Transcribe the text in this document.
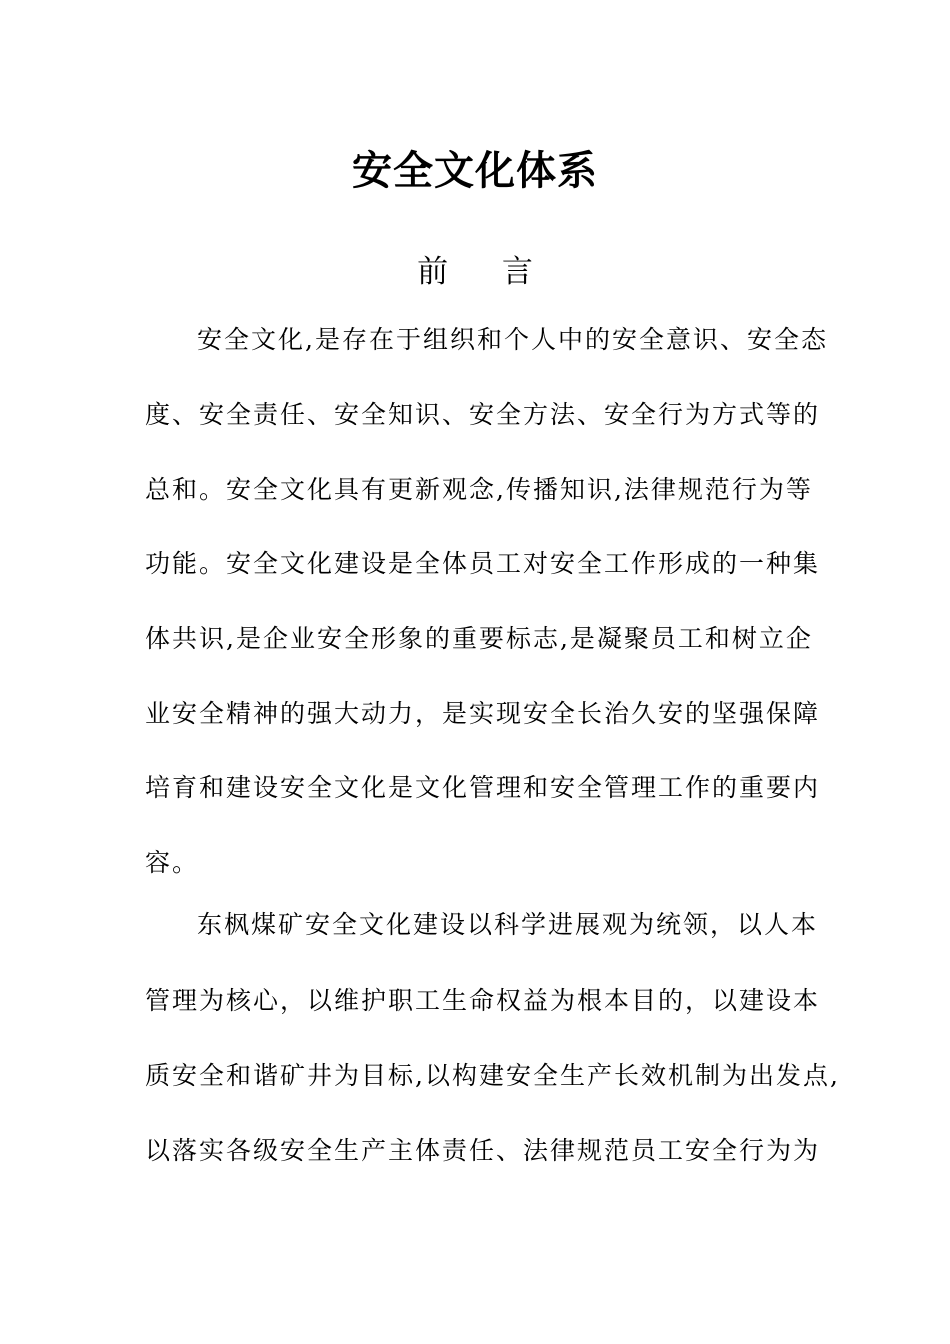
安全文化体系
前 言
安全文化,是存在于组织和个人中的安全意识、安全态
度、安全责任、安全知识、安全方法、安全行为方式等的
总和。安全文化具有更新观念,传播知识,法律规范行为等
功能。安全文化建设是全体员工对安全工作形成的一种集
体共识,是企业安全形象的重要标志,是凝聚员工和树立企
业安全精神的强大动力，是实现安全长治久安的坚强保障
培育和建设安全文化是文化管理和安全管理工作的重要内
容。
东枫煤矿安全文化建设以科学进展观为统领，以人本
管理为核心，以维护职工生命权益为根本目的，以建设本
质安全和谐矿井为目标,以构建安全生产长效机制为出发点,
以落实各级安全生产主体责任、法律规范员工安全行为为
